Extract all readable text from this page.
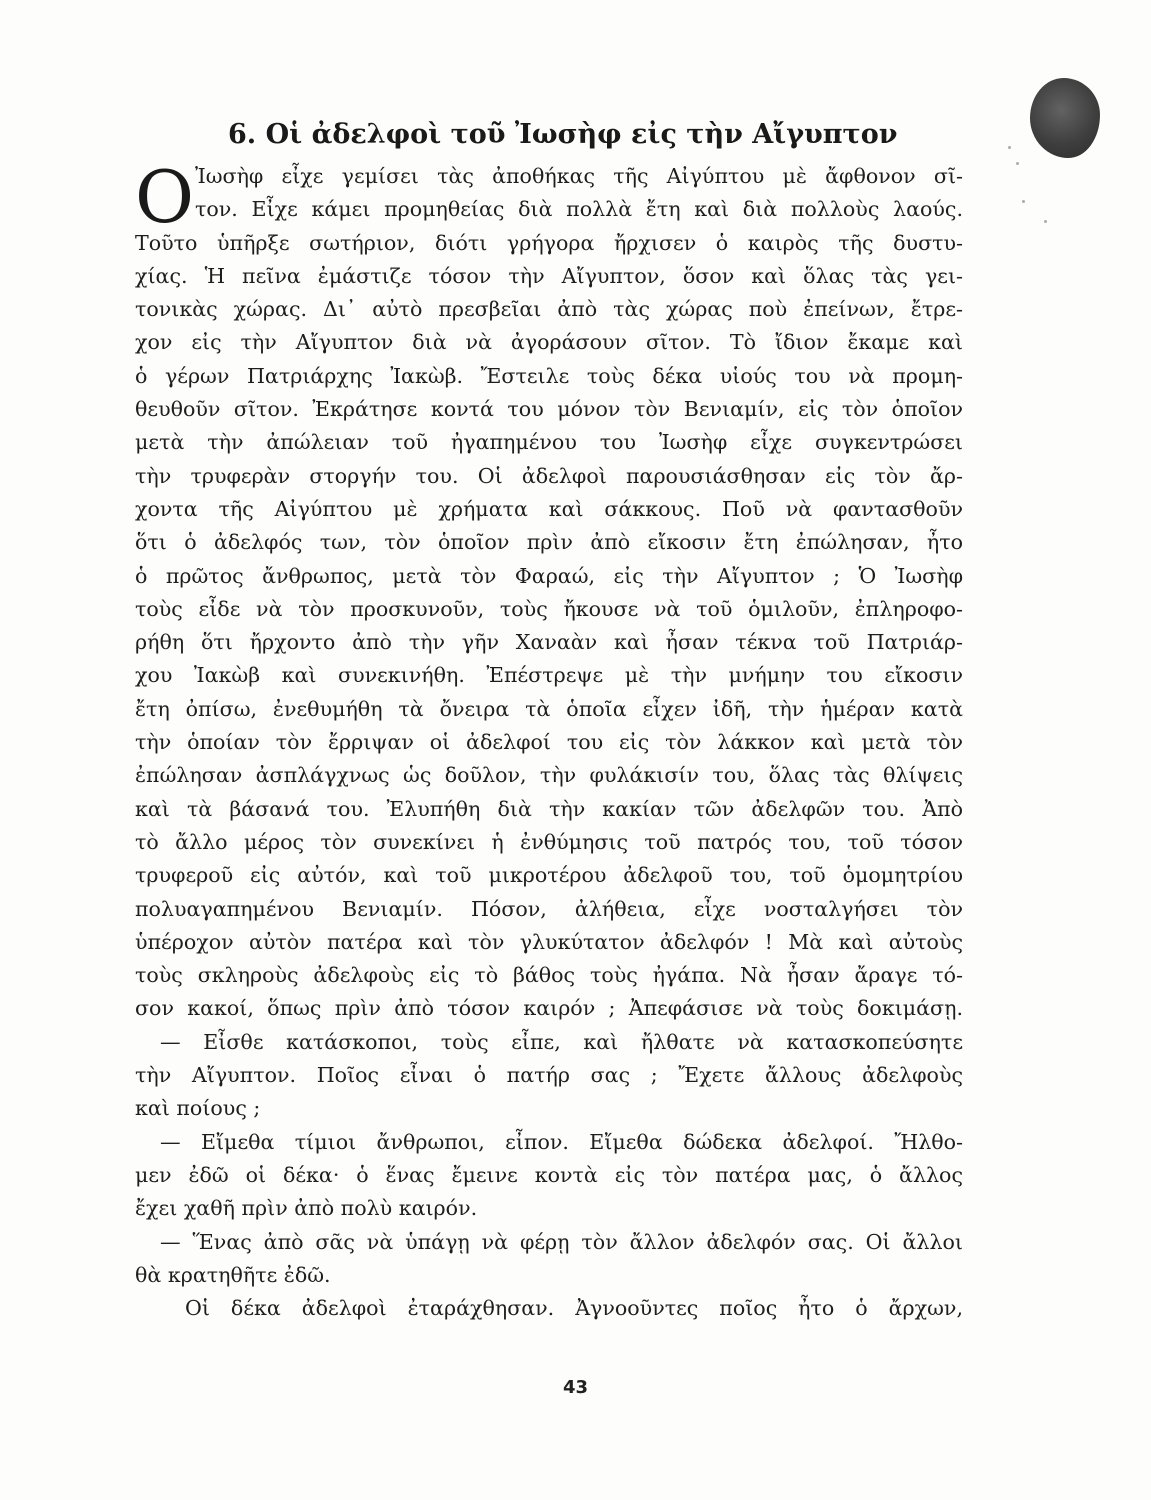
6. Οἱ ἀδελφοὶ τοῦ Ἰωσὴφ εἰς τὴν Αἴγυπτον
O Ἰωσὴφ εἶχε γεμίσει τὰς ἀποθήκας τῆς Αἰγύπτου μὲ ἄφθονον σῖ-
τον. Εἶχε κάμει προμηθείας διὰ πολλὰ ἔτη καὶ διὰ πολλοὺς λαούς.
Τοῦτο ὑπῆρξε σωτήριον, διότι γρήγορα ἤρχισεν ὁ καιρὸς τῆς δυστυ-
χίας. Ἡ πεῖνα ἐμάστιζε τόσον τὴν Αἴγυπτον, ὅσον καὶ ὅλας τὰς γει-
τονικὰς χώρας. Δι᾿ αὐτὸ πρεσβεῖαι ἀπὸ τὰς χώρας ποὺ ἐπείνων, ἔτρε-
χον εἰς τὴν Αἴγυπτον διὰ νὰ ἀγοράσουν σῖτον. Τὸ ἴδιον ἔκαμε καὶ
ὁ γέρων Πατριάρχης Ἰακὼβ. Ἔστειλε τοὺς δέκα υἱούς του νὰ προμη-
θευθοῦν σῖτον. Ἐκράτησε κοντά του μόνον τὸν Βενιαμίν, εἰς τὸν ὁποῖον
μετὰ τὴν ἀπώλειαν τοῦ ἠγαπημένου του Ἰωσὴφ εἶχε συγκεντρώσει
τὴν τρυφερὰν στοργήν του. Οἱ ἀδελφοὶ παρουσιάσθησαν εἰς τὸν ἄρ-
χοντα τῆς Αἰγύπτου μὲ χρήματα καὶ σάκκους. Ποῦ νὰ φαντασθοῦν
ὅτι ὁ ἀδελφός των, τὸν ὁποῖον πρὶν ἀπὸ εἴκοσιν ἔτη ἐπώλησαν, ἦτο
ὁ πρῶτος ἄνθρωπος, μετὰ τὸν Φαραώ, εἰς τὴν Αἴγυπτον ; Ὁ Ἰωσὴφ
τοὺς εἶδε νὰ τὸν προσκυνοῦν, τοὺς ἤκουσε νὰ τοῦ ὁμιλοῦν, ἐπληροφο-
ρήθη ὅτι ἤρχοντο ἀπὸ τὴν γῆν Χαναὰν καὶ ἦσαν τέκνα τοῦ Πατριάρ-
χου Ἰακὼβ καὶ συνεκινήθη. Ἐπέστρεψε μὲ τὴν μνήμην του εἴκοσιν
ἔτη ὀπίσω, ἐνεθυμήθη τὰ ὄνειρα τὰ ὁποῖα εἶχεν ἰδῆ, τὴν ἡμέραν κατὰ
τὴν ὁποίαν τὸν ἔρριψαν οἱ ἀδελφοί του εἰς τὸν λάκκον καὶ μετὰ τὸν
ἐπώλησαν ἀσπλάγχνως ὡς δοῦλον, τὴν φυλάκισίν του, ὅλας τὰς θλίψεις
καὶ τὰ βάσανά του. Ἐλυπήθη διὰ τὴν κακίαν τῶν ἀδελφῶν του. Ἀπὸ
τὸ ἄλλο μέρος τὸν συνεκίνει ἡ ἐνθύμησις τοῦ πατρός του, τοῦ τόσον
τρυφεροῦ εἰς αὐτόν, καὶ τοῦ μικροτέρου ἀδελφοῦ του, τοῦ ὁμομητρίου
πολυαγαπημένου Βενιαμίν. Πόσον, ἀλήθεια, εἶχε νοσταλγήσει τὸν
ὑπέροχον αὐτὸν πατέρα καὶ τὸν γλυκύτατον ἀδελφόν ! Μὰ καὶ αὐτοὺς
τοὺς σκληροὺς ἀδελφοὺς εἰς τὸ βάθος τοὺς ἠγάπα. Νὰ ἦσαν ἄραγε τό-
σον κακοί, ὅπως πρὶν ἀπὸ τόσον καιρόν ; Ἀπεφάσισε νὰ τοὺς δοκιμάσῃ.
— Εἶσθε κατάσκοποι, τοὺς εἶπε, καὶ ἤλθατε νὰ κατασκοπεύσητε
τὴν Αἴγυπτον. Ποῖος εἶναι ὁ πατήρ σας ; Ἔχετε ἄλλους ἀδελφοὺς
καὶ ποίους ;
— Εἴμεθα τίμιοι ἄνθρωποι, εἶπον. Εἴμεθα δώδεκα ἀδελφοί. Ἤλθο-
μεν ἐδῶ οἱ δέκα· ὁ ἕνας ἔμεινε κοντὰ εἰς τὸν πατέρα μας, ὁ ἄλλος
ἔχει χαθῆ πρὶν ἀπὸ πολὺ καιρόν.
— Ἕνας ἀπὸ σᾶς νὰ ὑπάγῃ νὰ φέρῃ τὸν ἄλλον ἀδελφόν σας. Οἱ ἄλλοι
θὰ κρατηθῆτε ἐδῶ.
Οἱ δέκα ἀδελφοὶ ἐταράχθησαν. Ἀγνοοῦντες ποῖος ἦτο ὁ ἄρχων,
43
